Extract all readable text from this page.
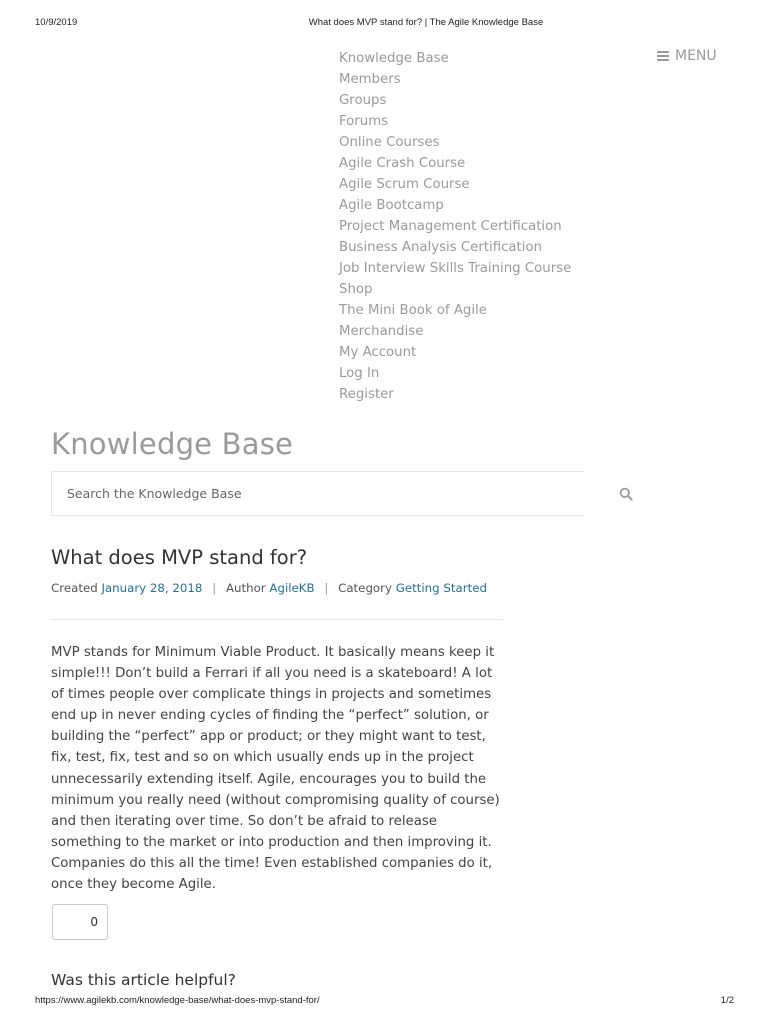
10/9/2019	What does MVP stand for? | The Agile Knowledge Base
MENU
Knowledge Base
Members
Groups
Forums
Online Courses
Agile Crash Course
Agile Scrum Course
Agile Bootcamp
Project Management Certification
Business Analysis Certification
Job Interview Skills Training Course
Shop
The Mini Book of Agile
Merchandise
My Account
Log In
Register
Knowledge Base
Search the Knowledge Base
What does MVP stand for?
Created January 28, 2018 | Author AgileKB | Category Getting Started

MVP stands for Minimum Viable Product. It basically means keep it simple!!! Don’t build a Ferrari if all you need is a skateboard! A lot of times people over complicate things in projects and sometimes end up in never ending cycles of finding the “perfect” solution, or building the “perfect” app or product; or they might want to test, fix, test, fix, test and so on which usually ends up in the project unnecessarily extending itself. Agile, encourages you to build the minimum you really need (without compromising quality of course) and then iterating over time. So don’t be afraid to release something to the market or into production and then improving it. Companies do this all the time! Even established companies do it, once they become Agile.

0
Was this article helpful?
https://www.agilekb.com/knowledge-base/what-does-mvp-stand-for/	1/2
